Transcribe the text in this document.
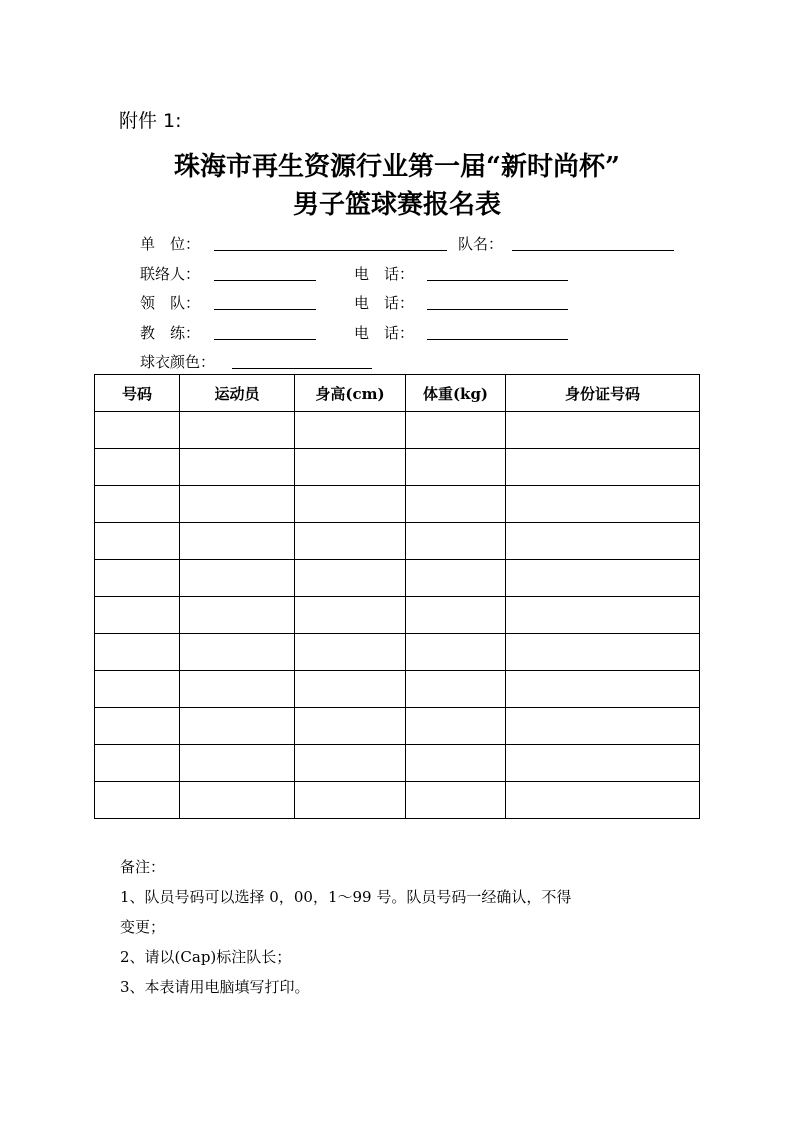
附件 1:
珠海市再生资源行业第一届“新时尚杯”
男子篮球赛报名表
单　位：	队名：
联络人：	电　话：
领　队：	电　话：
教　练：	电　话：
球衣颜色：
号码	运动员	身高(cm)	体重(kg)	身份证号码

备注：

1、队员号码可以选择 0，00，1～99 号。队员号码一经确认，不得

变更；

2、请以(Cap)标注队长；

3、本表请用电脑填写打印。
